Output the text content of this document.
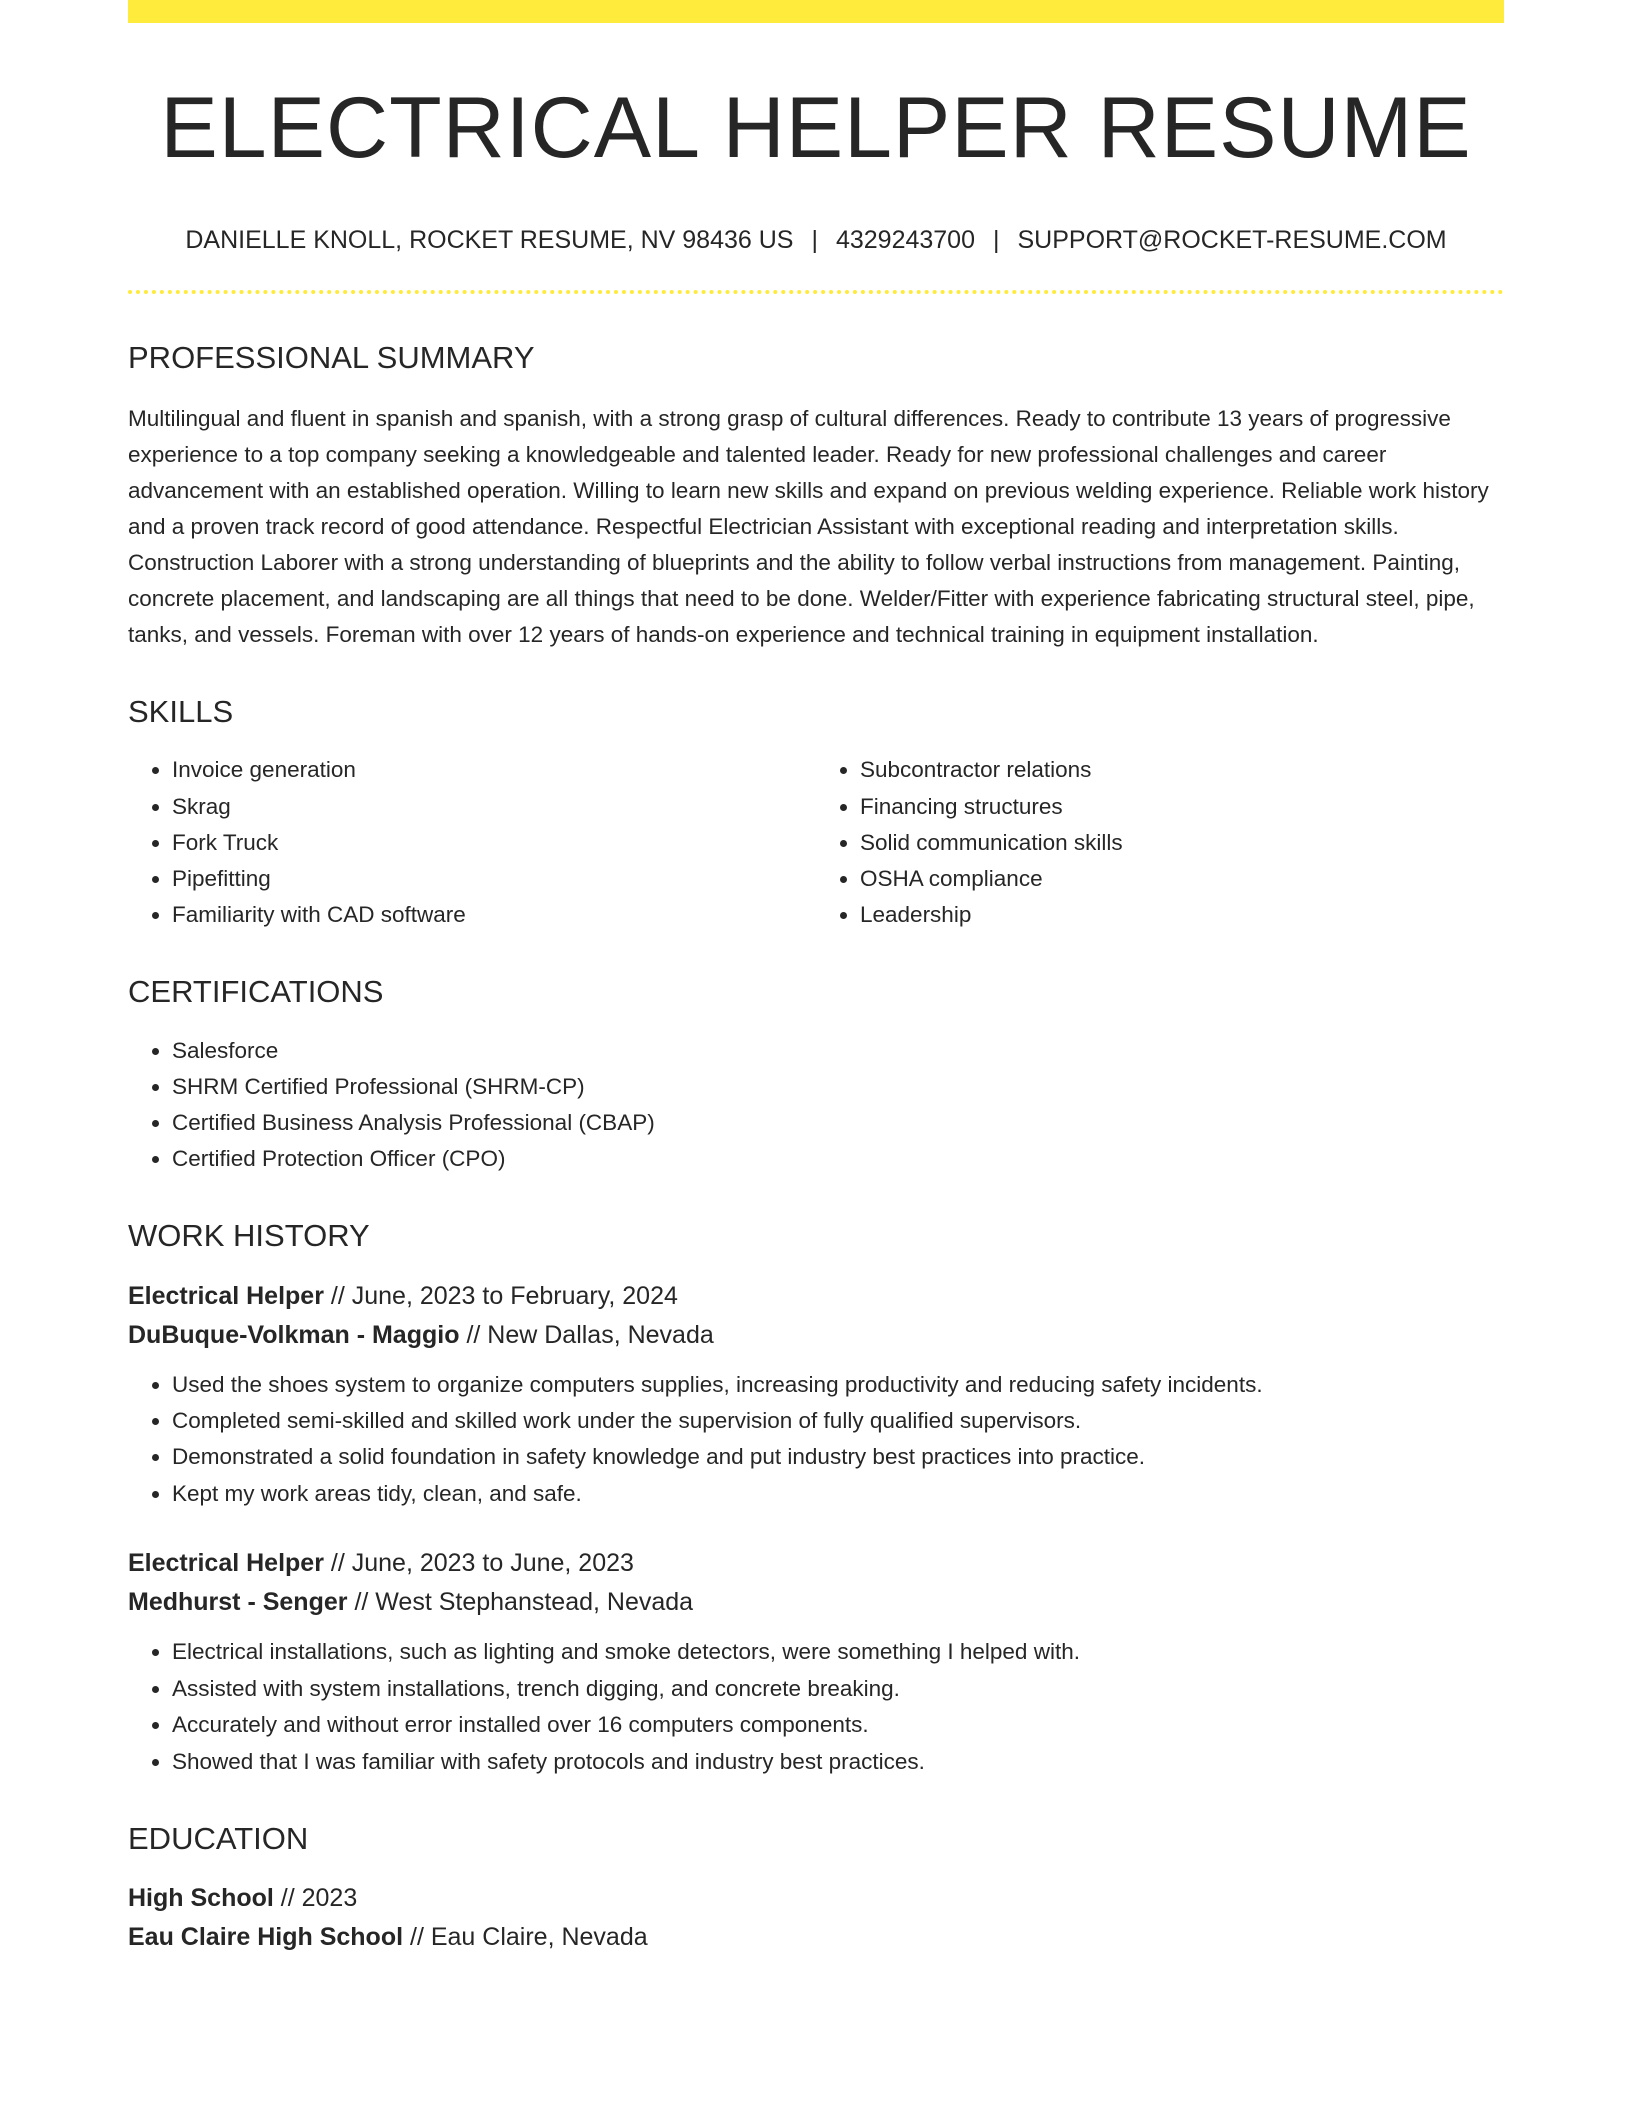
ELECTRICAL HELPER RESUME
DANIELLE KNOLL, ROCKET RESUME, NV 98436 US | 4329243700 | SUPPORT@ROCKET-RESUME.COM
PROFESSIONAL SUMMARY
Multilingual and fluent in spanish and spanish, with a strong grasp of cultural differences. Ready to contribute 13 years of progressive experience to a top company seeking a knowledgeable and talented leader. Ready for new professional challenges and career advancement with an established operation. Willing to learn new skills and expand on previous welding experience. Reliable work history and a proven track record of good attendance. Respectful Electrician Assistant with exceptional reading and interpretation skills. Construction Laborer with a strong understanding of blueprints and the ability to follow verbal instructions from management. Painting, concrete placement, and landscaping are all things that need to be done. Welder/Fitter with experience fabricating structural steel, pipe, tanks, and vessels. Foreman with over 12 years of hands-on experience and technical training in equipment installation.
SKILLS
• Invoice generation
• Skrag
• Fork Truck
• Pipefitting
• Familiarity with CAD software
• Subcontractor relations
• Financing structures
• Solid communication skills
• OSHA compliance
• Leadership
CERTIFICATIONS
• Salesforce
• SHRM Certified Professional (SHRM-CP)
• Certified Business Analysis Professional (CBAP)
• Certified Protection Officer (CPO)
WORK HISTORY
Electrical Helper // June, 2023 to February, 2024
DuBuque-Volkman - Maggio // New Dallas, Nevada
• Used the shoes system to organize computers supplies, increasing productivity and reducing safety incidents.
• Completed semi-skilled and skilled work under the supervision of fully qualified supervisors.
• Demonstrated a solid foundation in safety knowledge and put industry best practices into practice.
• Kept my work areas tidy, clean, and safe.
Electrical Helper // June, 2023 to June, 2023
Medhurst - Senger // West Stephanstead, Nevada
• Electrical installations, such as lighting and smoke detectors, were something I helped with.
• Assisted with system installations, trench digging, and concrete breaking.
• Accurately and without error installed over 16 computers components.
• Showed that I was familiar with safety protocols and industry best practices.
EDUCATION
High School // 2023
Eau Claire High School // Eau Claire, Nevada
